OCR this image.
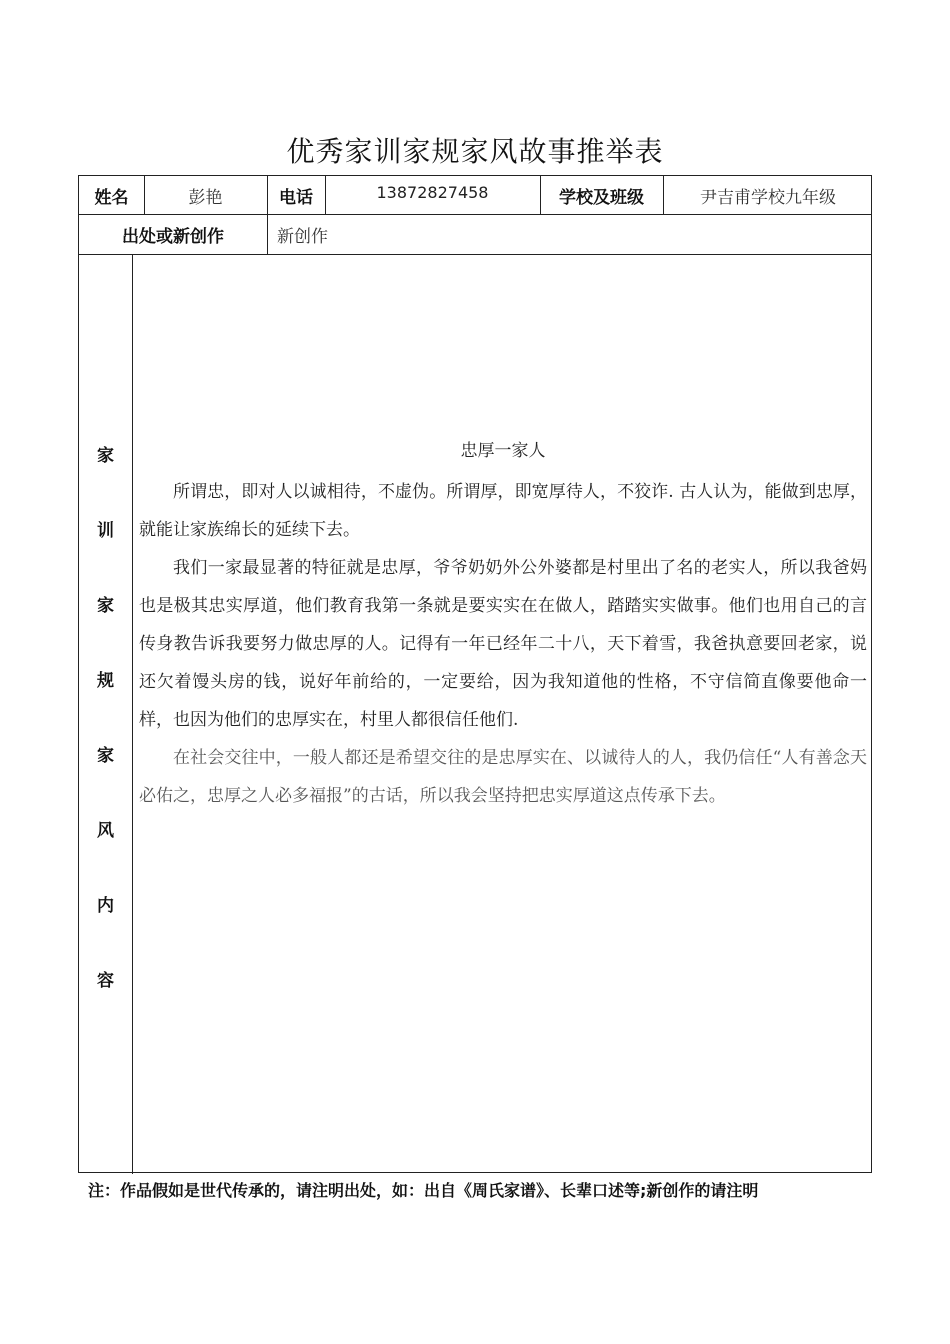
优秀家训家规家风故事推举表
姓名	彭艳	电话	13872827458	学校及班级	尹吉甫学校九年级
出处或新创作	新创作
家
训
家
规
家
风
内
容

忠厚一家人

所谓忠，即对人以诚相待，不虚伪。所谓厚，即宽厚待人，不狡诈. 古人认为，能做到忠厚，就能让家族绵长的延续下去。

我们一家最显著的特征就是忠厚，爷爷奶奶外公外婆都是村里出了名的老实人，所以我爸妈也是极其忠实厚道，他们教育我第一条就是要实实在在做人，踏踏实实做事。他们也用自己的言传身教告诉我要努力做忠厚的人。记得有一年已经年二十八，天下着雪，我爸执意要回老家，说还欠着馒头房的钱，说好年前给的，一定要给，因为我知道他的性格，不守信简直像要他命一样，也因为他们的忠厚实在，村里人都很信任他们.

在社会交往中，一般人都还是希望交往的是忠厚实在、以诚待人的人，我仍信任“人有善念天必佑之，忠厚之人必多福报”的古话，所以我会坚持把忠实厚道这点传承下去。

注：作品假如是世代传承的，请注明出处，如：出自《周氏家谱》、长辈口述等;新创作的请注明
